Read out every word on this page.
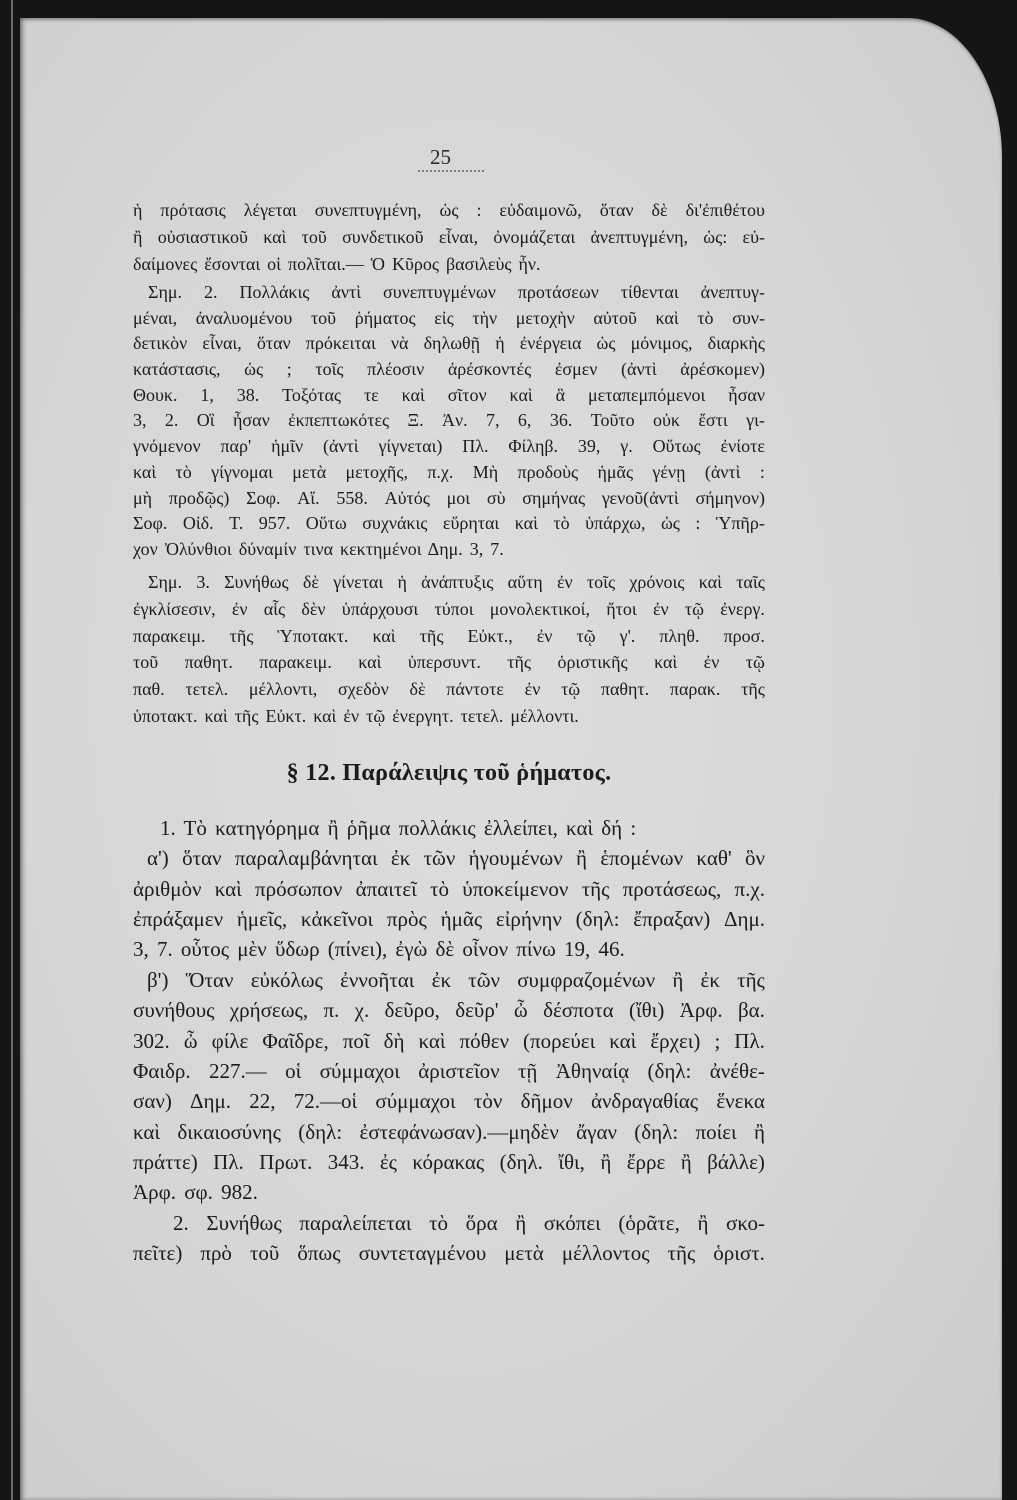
25
ἡ πρότασις λέγεται συνεπτυγμένη, ὡς : εὐδαιμονῶ, ὅταν δὲ δι'ἐπιθέτου
ἢ οὐσιαστικοῦ καὶ τοῦ συνδετικοῦ εἶναι, ὀνομάζεται ἀνεπτυγμένη, ὡς: εὐ-
δαίμονες ἔσονται οἱ πολῖται.— Ὁ Κῦρος βασιλεὺς ἦν.
Σημ. 2. Πολλάκις ἀντὶ συνεπτυγμένων προτάσεων τίθενται ἀνεπτυγ-
μέναι, ἀναλυομένου τοῦ ῥήματος εἰς τὴν μετοχὴν αὐτοῦ καὶ τὸ συν-
δετικὸν εἶναι, ὅταν πρόκειται νὰ δηλωθῇ ἡ ἐνέργεια ὡς μόνιμος, διαρκὴς
κατάστασις, ὡς ; τοῖς πλέοσιν ἀρέσκοντές ἐσμεν (ἀντὶ ἀρέσκομεν)
Θουκ. 1, 38. Τοξότας τε καὶ σῖτον καὶ ἃ μεταπεμπόμενοι ἦσαν
3, 2. Οἳ ἦσαν ἐκπεπτωκότες Ξ. Ἀν. 7, 6, 36. Τοῦτο οὐκ ἔστι γι-
γνόμενον παρ' ἡμῖν (ἀντὶ γίγνεται) Πλ. Φίληβ. 39, γ. Οὕτως ἐνίοτε
καὶ τὸ γίγνομαι μετὰ μετοχῆς, π.χ. Μὴ προδοὺς ἡμᾶς γένῃ (ἀντὶ :
μὴ προδῷς) Σοφ. Αἴ. 558. Αὐτός μοι σὺ σημήνας γενοῦ(ἀντὶ σήμηνον)
Σοφ. Οἰδ. Τ. 957. Οὕτω συχνάκις εὕρηται καὶ τὸ ὑπάρχω, ὡς : Ὑπῆρ-
χον Ὀλύνθιοι δύναμίν τινα κεκτημένοι Δημ. 3, 7.
Σημ. 3. Συνήθως δὲ γίνεται ἡ ἀνάπτυξις αὕτη ἐν τοῖς χρόνοις καὶ ταῖς
ἐγκλίσεσιν, ἐν αἷς δὲν ὑπάρχουσι τύποι μονολεκτικοί, ἤτοι ἐν τῷ ἐνεργ.
παρακειμ. τῆς Ὑποτακτ. καὶ τῆς Εὐκτ., ἐν τῷ γ'. πληθ. προσ.
τοῦ παθητ. παρακειμ. καὶ ὑπερσυντ. τῆς ὁριστικῆς καὶ ἐν τῷ
παθ. τετελ. μέλλοντι, σχεδὸν δὲ πάντοτε ἐν τῷ παθητ. παρακ. τῆς
ὑποτακτ. καὶ τῆς Εὐκτ. καὶ ἐν τῷ ἐνεργητ. τετελ. μέλλοντι.
§ 12. Παράλειψις τοῦ ῥήματος.
1. Τὸ κατηγόρημα ἢ ῥῆμα πολλάκις ἐλλείπει, καὶ δή :
α') ὅταν παραλαμβάνηται ἐκ τῶν ἡγουμένων ἢ ἑπομένων καθ' ὃν
ἀριθμὸν καὶ πρόσωπον ἀπαιτεῖ τὸ ὑποκείμενον τῆς προτάσεως, π.χ.
ἐπράξαμεν ἡμεῖς, κἀκεῖνοι πρὸς ἡμᾶς εἰρήνην (δηλ: ἔπραξαν) Δημ.
3, 7. οὗτος μὲν ὕδωρ (πίνει), ἐγὼ δὲ οἶνον πίνω 19, 46.
β') Ὅταν εὐκόλως ἐννοῆται ἐκ τῶν συμφραζομένων ἢ ἐκ τῆς
συνήθους χρήσεως, π. χ. δεῦρο, δεῦρ' ὦ δέσποτα (ἴθι) Ἀρφ. βα.
302. ὦ φίλε Φαῖδρε, ποῖ δὴ καὶ πόθεν (πορεύει καὶ ἔρχει) ; Πλ.
Φαιδρ. 227.— οἱ σύμμαχοι ἀριστεῖον τῇ Ἀθηναίᾳ (δηλ: ἀνέθε-
σαν) Δημ. 22, 72.—οἱ σύμμαχοι τὸν δῆμον ἀνδραγαθίας ἕνεκα
καὶ δικαιοσύνης (δηλ: ἐστεφάνωσαν).—μηδὲν ἄγαν (δηλ: ποίει ἢ
πράττε) Πλ. Πρωτ. 343. ἐς κόρακας (δηλ. ἴθι, ἢ ἔρρε ἢ βάλλε)
Ἀρφ. σφ. 982.
2. Συνήθως παραλείπεται τὸ ὅρα ἢ σκόπει (ὁρᾶτε, ἢ σκο-
πεῖτε) πρὸ τοῦ ὅπως συντεταγμένου μετὰ μέλλοντος τῆς ὁριστ.
